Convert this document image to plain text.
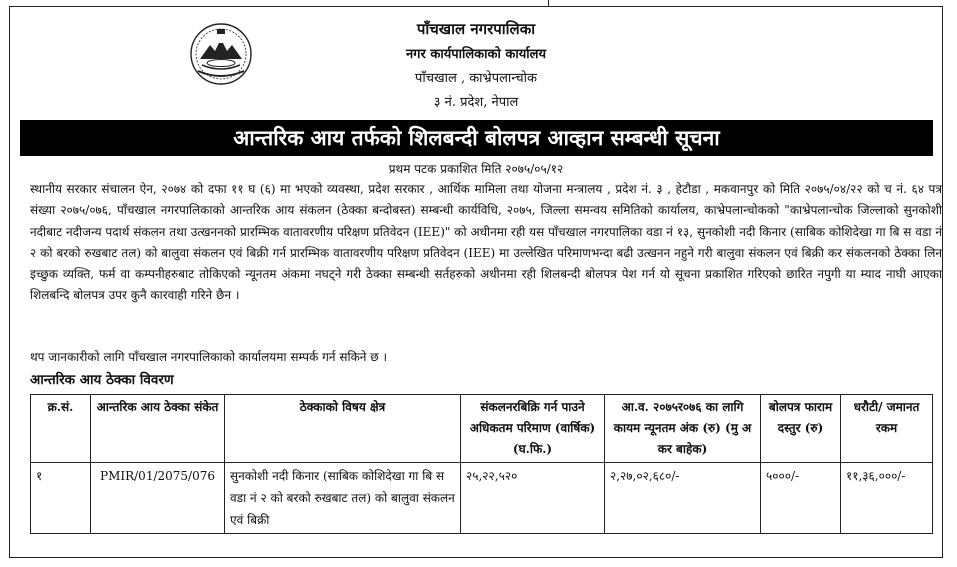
पाँचखाल नगरपालिका
नगर कार्यपालिकाको कार्यालय
पाँचखाल , काभ्रेपलान्चोक
३ नं. प्रदेश, नेपाल
आन्तरिक आय तर्फको शिलबन्दी बोलपत्र आव्हान सम्बन्धी सूचना
प्रथम पटक प्रकाशित मिति २०७५/०५/१२
स्थानीय सरकार संचालन ऐन, २०७४ को दफा ११ घ (६) मा भएको व्यवस्था, प्रदेश सरकार , आर्थिक मामिला तथा योजना मन्त्रालय , प्रदेश नं. ३ , हेटौडा , मकवानपुर को मिति २०७५/०४/२२ को च नं. ६४ पत्र संख्या २०७५/०७६, पाँचखाल नगरपालिकाको आन्तरिक आय संकलन (ठेक्का बन्दोबस्त) सम्बन्धी कार्यविधि, २०७५, जिल्ला समन्वय समितिको कार्यालय, काभ्रेपलान्चोकको "काभ्रेपलान्चोक जिल्लाको सुनकोशी नदीबाट नदीजन्य पदार्थ संकलन तथा उत्खननको प्रारम्भिक वातावरणीय परिक्षण प्रतिवेदन (IEE)" को अधीनमा रही यस पाँचखाल नगरपालिका वडा नं १३, सुनकोशी नदी किनार (साबिक कोशिदेखा गा बि स वडा नं २ को बरको रुखबाट तल) को बालुवा संकलन एवं बिक्री गर्न प्रारम्भिक वातावरणीय परिक्षण प्रतिवेदन (IEE) मा उल्लेखित परिमाणभन्दा बढी उत्खनन नहुने गरी बालुवा संकलन एवं बिक्री कर संकलनको ठेक्का लिन इच्छुक व्यक्ति, फर्म वा कम्पनीहरुबाट तोकिएको न्यूनतम अंकमा नघट्ने गरी ठेक्का सम्बन्धी सर्तहरुको अधीनमा रही शिलबन्दी बोलपत्र पेश गर्न यो सूचना प्रकाशित गरिएको छारित नपुगी या म्याद नाघी आएका शिलबन्दि बोलपत्र उपर कुनै कारवाही गरिने छैन ।
थप जानकारीको लागि पाँचखाल नगरपालिकाको कार्यालयमा सम्पर्क गर्न सकिने छ ।
आन्तरिक आय ठेक्का विवरण
क्र.सं.	आन्तरिक आय ठेक्का संकेत	ठेक्काको विषय क्षेत्र	संकलनरबिक्रि गर्न पाउने अधिकतम परिमाण (वार्षिक) (घ.फि.)	आ.व. २०७५र०७६ का लागि कायम न्यूनतम अंक (रु) (मु अ कर बाहेक)	बोलपत्र फाराम दस्तुर (रु)	धरौटी/ जमानत रकम
१	PMIR/01/2075/076	सुनकोशी नदी किनार (साबिक कोशिदेखा गा बि स वडा नं २ को बरको रुखबाट तल) को बालुवा संकलन एवं बिक्री	२५,२२,५२०	२,२७,०२,६८०/-	५०००/-	११,३६,०००/-
